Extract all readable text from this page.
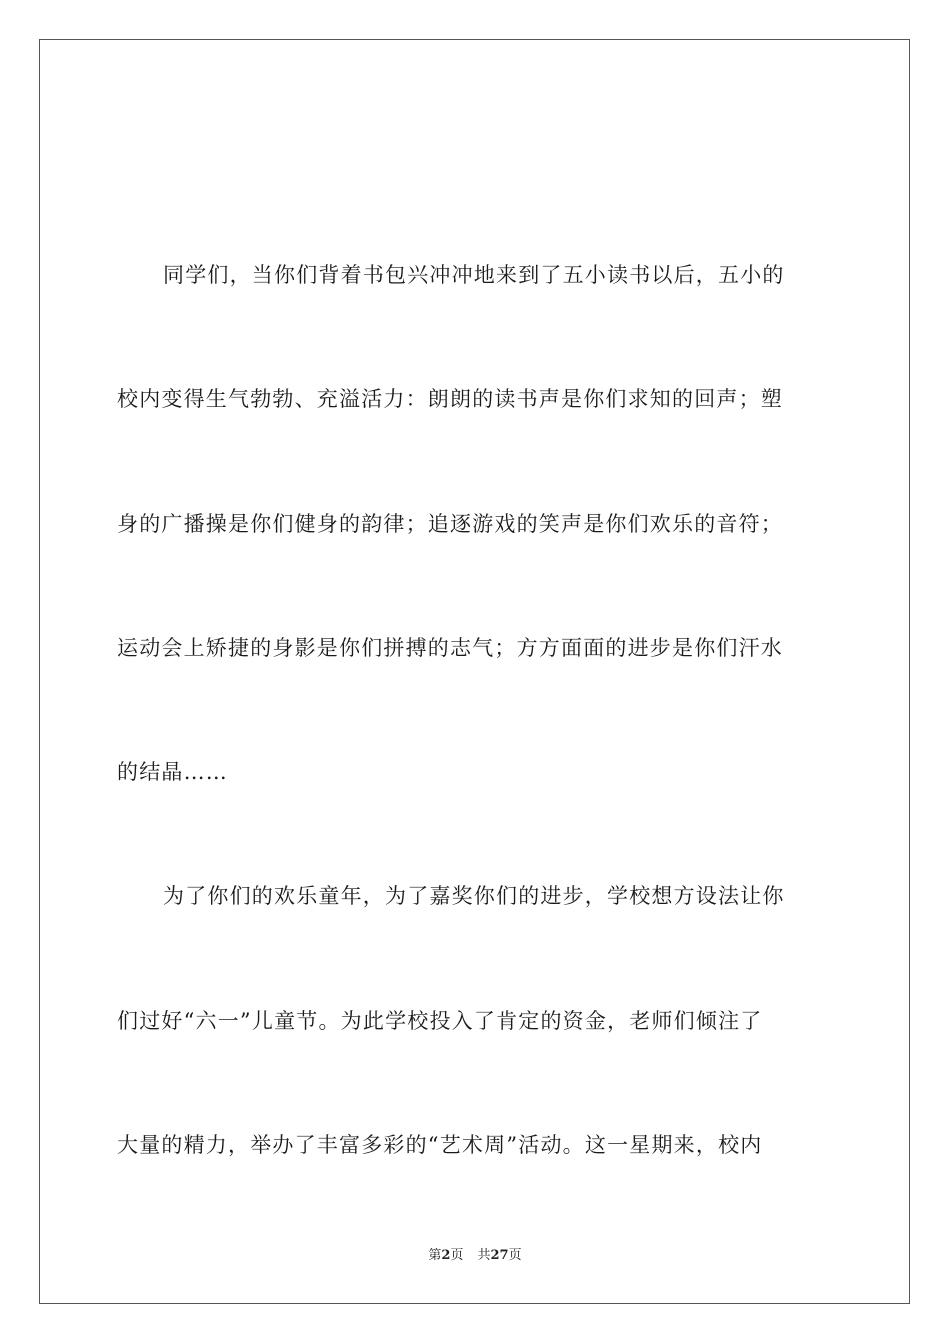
同学们，当你们背着书包兴冲冲地来到了五小读书以后，五小的
校内变得生气勃勃、充溢活力：朗朗的读书声是你们求知的回声；塑
身的广播操是你们健身的韵律；追逐游戏的笑声是你们欢乐的音符；
运动会上矫捷的身影是你们拼搏的志气；方方面面的进步是你们汗水
的结晶……
为了你们的欢乐童年，为了嘉奖你们的进步，学校想方设法让你
们过好“六一”儿童节。为此学校投入了肯定的资金，老师们倾注了
大量的精力，举办了丰富多彩的“艺术周”活动。这一星期来，校内
第2页 共27页
